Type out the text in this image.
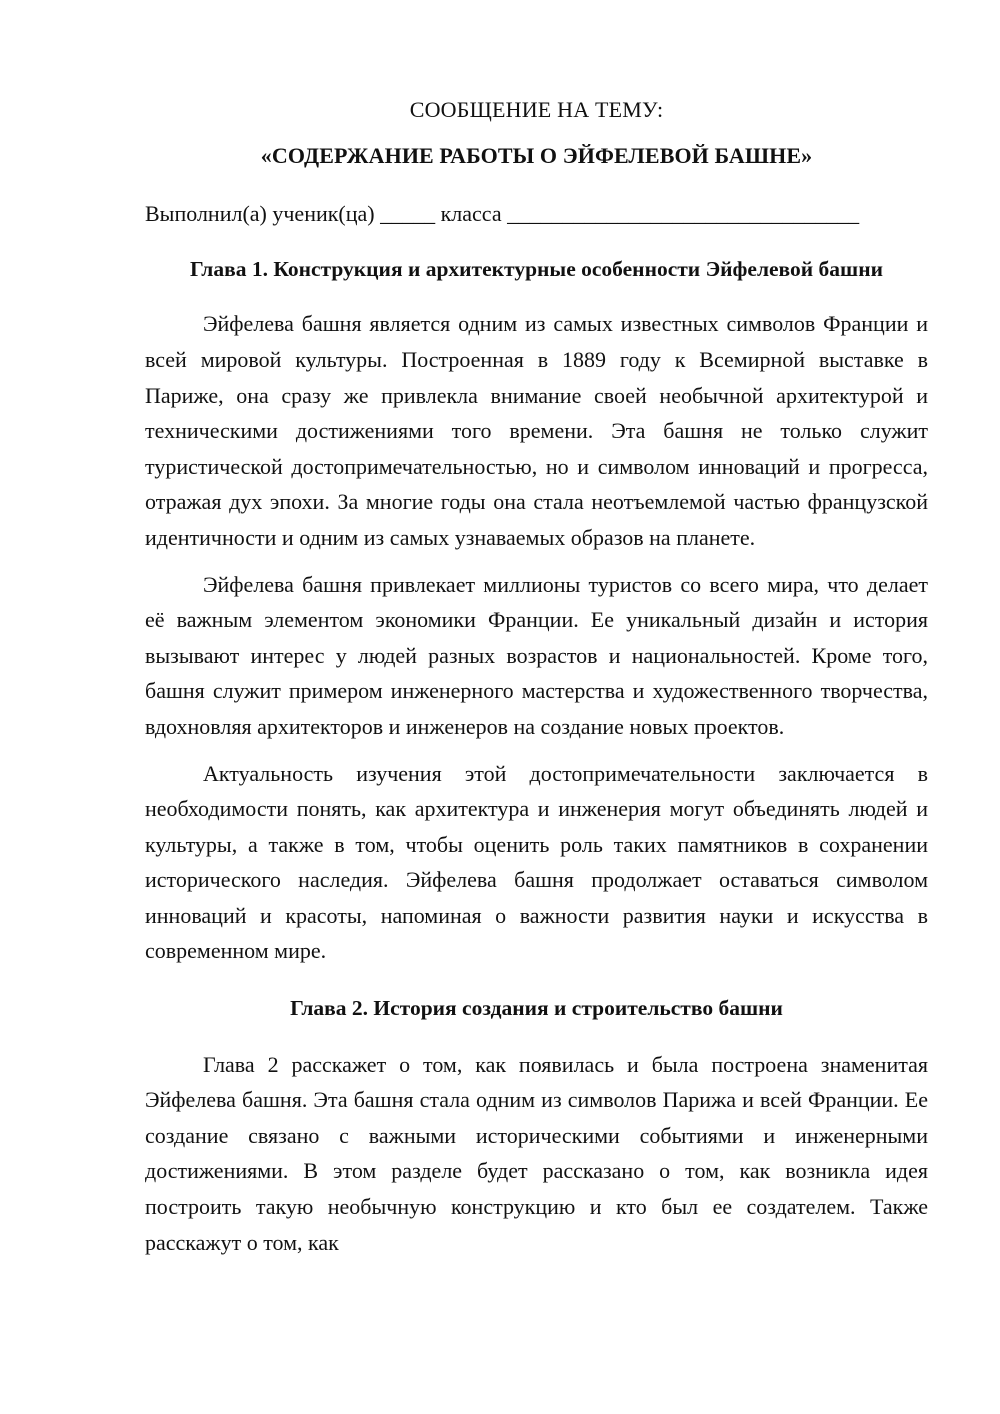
СООБЩЕНИЕ НА ТЕМУ:

«СОДЕРЖАНИЕ РАБОТЫ О ЭЙФЕЛЕВОЙ БАШНЕ»

Выполнил(а) ученик(ца) _____ класса ________________________________
Глава 1. Конструкция и архитектурные особенности Эйфелевой башни

Эйфелева башня является одним из самых известных символов Франции и всей мировой культуры. Построенная в 1889 году к Всемирной выставке в Париже, она сразу же привлекла внимание своей необычной архитектурой и техническими достижениями того времени. Эта башня не только служит туристической достопримечательностью, но и символом инноваций и прогресса, отражая дух эпохи. За многие годы она стала неотъемлемой частью французской идентичности и одним из самых узнаваемых образов на планете.

Эйфелева башня привлекает миллионы туристов со всего мира, что делает её важным элементом экономики Франции. Ее уникальный дизайн и история вызывают интерес у людей разных возрастов и национальностей. Кроме того, башня служит примером инженерного мастерства и художественного творчества, вдохновляя архитекторов и инженеров на создание новых проектов.

Актуальность изучения этой достопримечательности заключается в необходимости понять, как архитектура и инженерия могут объединять людей и культуры, а также в том, чтобы оценить роль таких памятников в сохранении исторического наследия. Эйфелева башня продолжает оставаться символом инноваций и красоты, напоминая о важности развития науки и искусства в современном мире.

Глава 2. История создания и строительство башни

Глава 2 расскажет о том, как появилась и была построена знаменитая Эйфелева башня. Эта башня стала одним из символов Парижа и всей Франции. Ее создание связано с важными историческими событиями и инженерными достижениями. В этом разделе будет рассказано о том, как возникла идея построить такую необычную конструкцию и кто был ее создателем. Также расскажут о том, как
